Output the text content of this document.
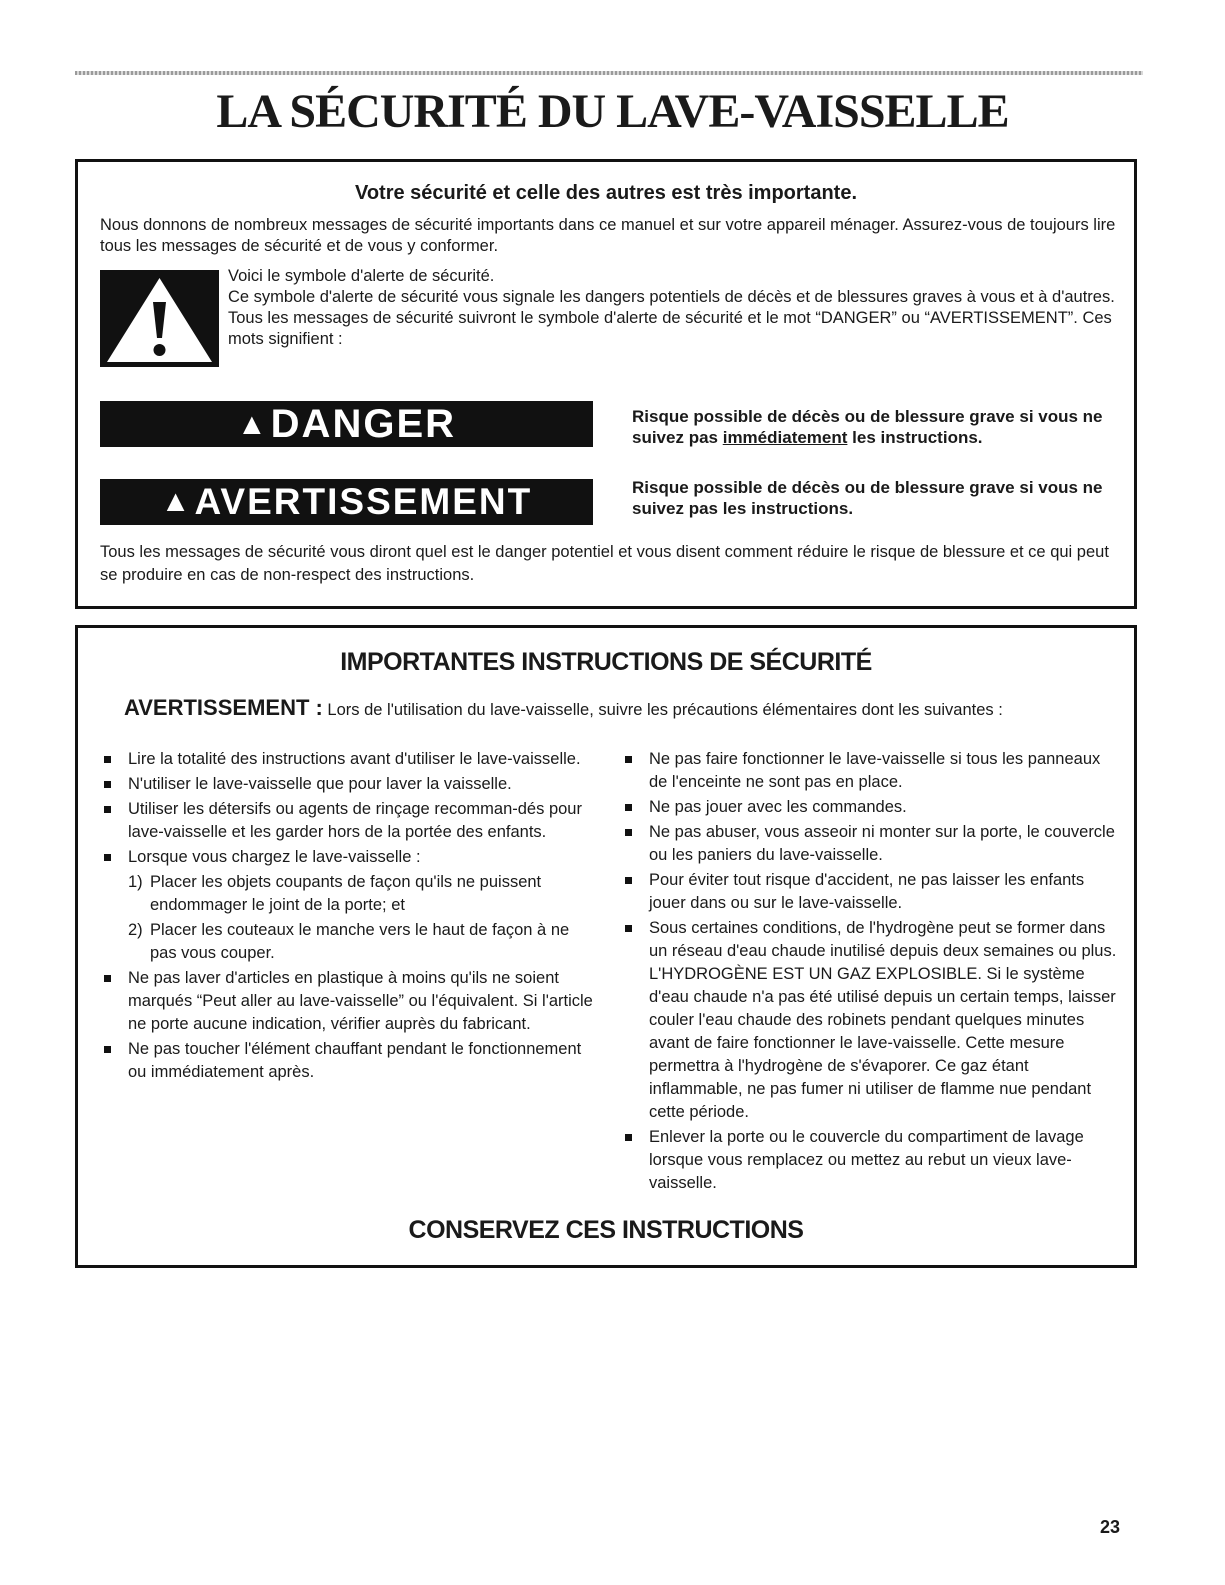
LA SÉCURITÉ DU LAVE-VAISSELLE
Votre sécurité et celle des autres est très importante.

Nous donnons de nombreux messages de sécurité importants dans ce manuel et sur votre appareil ménager. Assurez-vous de toujours lire tous les messages de sécurité et de vous y conformer.

Voici le symbole d'alerte de sécurité.

Ce symbole d'alerte de sécurité vous signale les dangers potentiels de décès et de blessures graves à vous et à d'autres.

Tous les messages de sécurité suivront le symbole d'alerte de sécurité et le mot “DANGER” ou “AVERTISSEMENT”. Ces mots signifient :

▲DANGER	Risque possible de décès ou de blessure grave si vous ne suivez pas immédiatement les instructions.

▲AVERTISSEMENT	Risque possible de décès ou de blessure grave si vous ne suivez pas les instructions.

Tous les messages de sécurité vous diront quel est le danger potentiel et vous disent comment réduire le risque de blessure et ce qui peut se produire en cas de non-respect des instructions.

IMPORTANTES INSTRUCTIONS DE SÉCURITÉ

AVERTISSEMENT : Lors de l'utilisation du lave-vaisselle, suivre les précautions élémentaires dont les suivantes :

Lire la totalité des instructions avant d'utiliser le lave-vaisselle.
N'utiliser le lave-vaisselle que pour laver la vaisselle.
Utiliser les détersifs ou agents de rinçage recomman-dés pour lave-vaisselle et les garder hors de la portée des enfants.
Lorsque vous chargez le lave-vaisselle :
1) Placer les objets coupants de façon qu'ils ne puissent endommager le joint de la porte; et
2) Placer les couteaux le manche vers le haut de façon à ne pas vous couper.
Ne pas laver d'articles en plastique à moins qu'ils ne soient marqués “Peut aller au lave-vaisselle” ou l'équivalent. Si l'article ne porte aucune indication, vérifier auprès du fabricant.
Ne pas toucher l'élément chauffant pendant le fonctionnement ou immédiatement après.
Ne pas faire fonctionner le lave-vaisselle si tous les panneaux de l'enceinte ne sont pas en place.
Ne pas jouer avec les commandes.
Ne pas abuser, vous asseoir ni monter sur la porte, le couvercle ou les paniers du lave-vaisselle.
Pour éviter tout risque d'accident, ne pas laisser les enfants jouer dans ou sur le lave-vaisselle.
Sous certaines conditions, de l'hydrogène peut se former dans un réseau d'eau chaude inutilisé depuis deux semaines ou plus. L'HYDROGÈNE EST UN GAZ EXPLOSIBLE. Si le système d'eau chaude n'a pas été utilisé depuis un certain temps, laisser couler l'eau chaude des robinets pendant quelques minutes avant de faire fonctionner le lave-vaisselle. Cette mesure permettra à l'hydrogène de s'évaporer. Ce gaz étant inflammable, ne pas fumer ni utiliser de flamme nue pendant cette période.
Enlever la porte ou le couvercle du compartiment de lavage lorsque vous remplacez ou mettez au rebut un vieux lave-vaisselle.
CONSERVEZ CES INSTRUCTIONS
23
